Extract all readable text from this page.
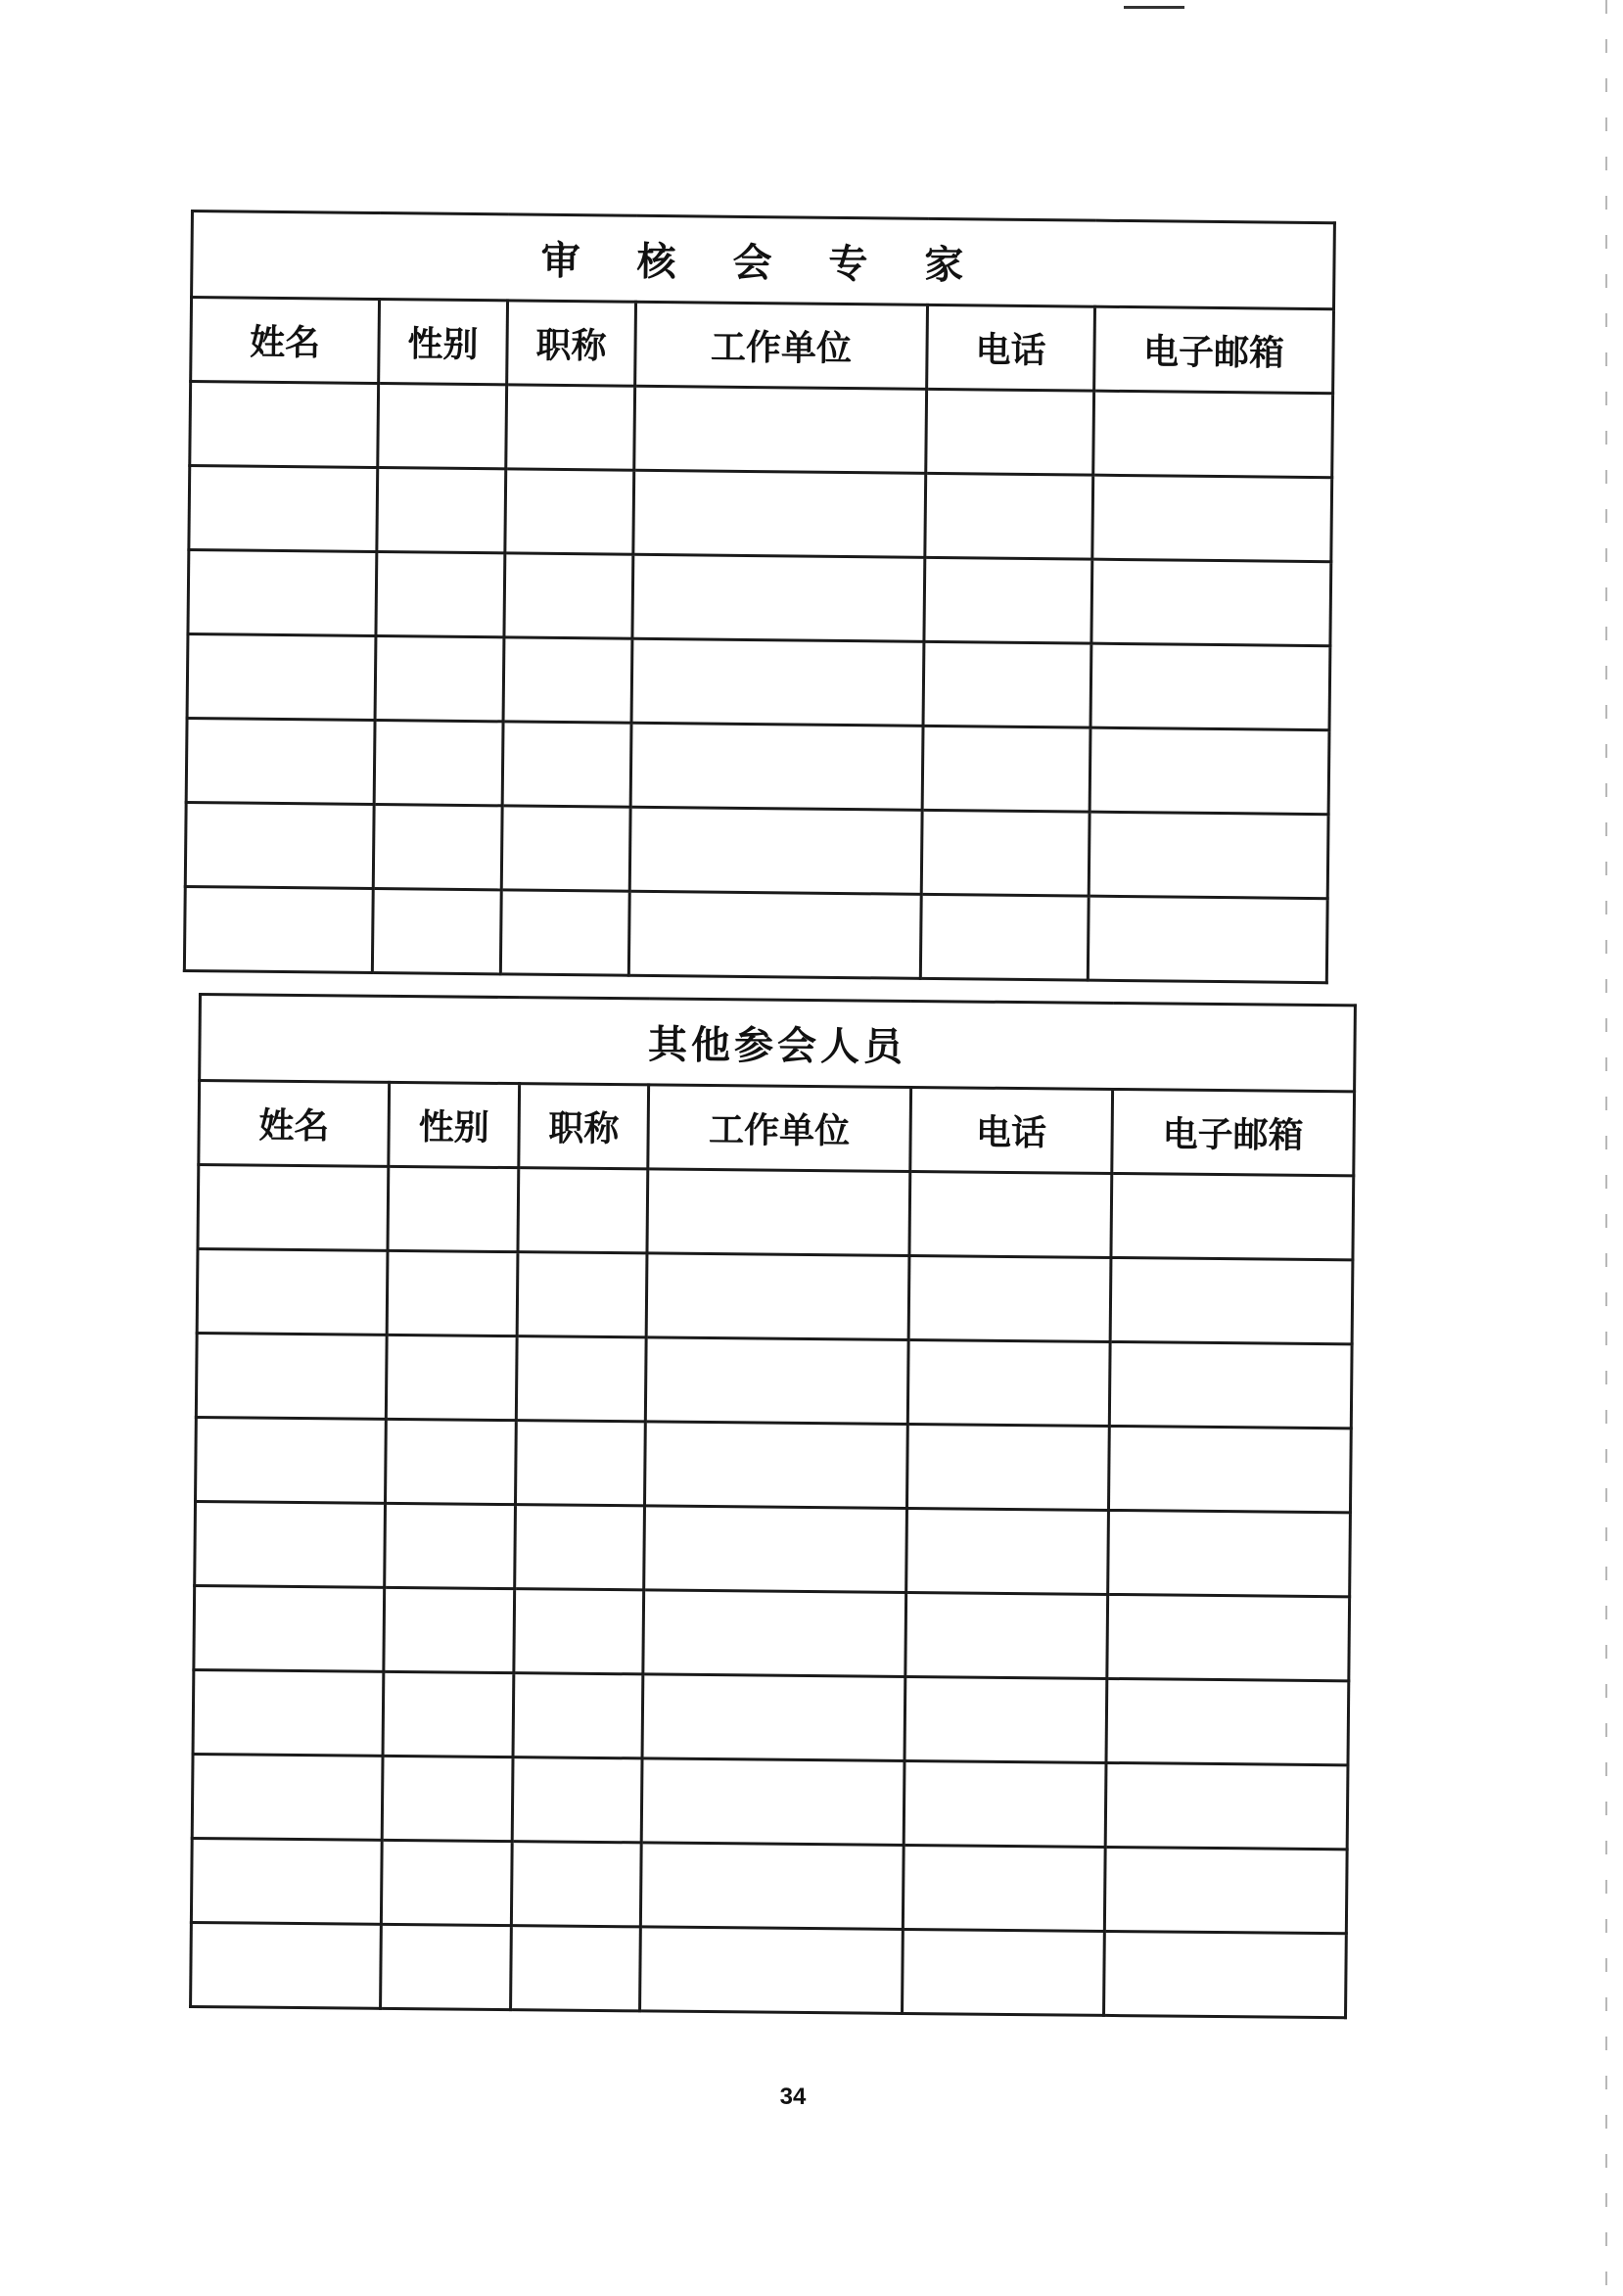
审 核 会 专 家					
姓名	性别	职称	工作单位	电话	电子邮箱

其他参会人员					
姓名	性别	职称	工作单位	电话	电子邮箱

34
